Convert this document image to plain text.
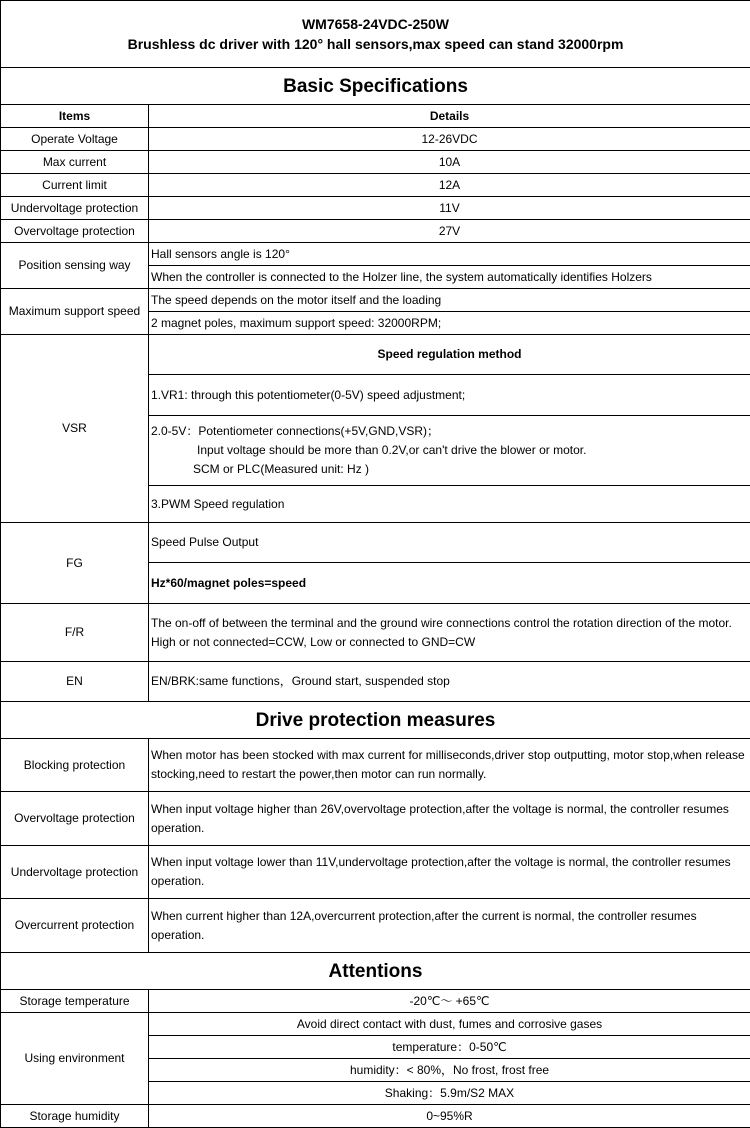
WM7658-24VDC-250W
Brushless dc driver with 120° hall sensors,max speed can stand 32000rpm	

Basic Specifications	
Items	Details
Operate Voltage	12-26VDC
Max current	10A
Current limit	12A
Undervoltage protection	11V
Overvoltage protection	27V
Position sensing way	Hall sensors angle is 120°
	When the controller is connected to the Holzer line, the system automatically identifies Holzers
Maximum support speed	The speed depends on the motor itself and the loading
	2 magnet poles, maximum support speed: 32000RPM;
VSR	Speed regulation method
	1.VR1: through this potentiometer(0-5V) speed adjustment;

	2.0-5V：Potentiometer connections(+5V,GND,VSR)；
Input voltage should be more than 0.2V,or can't drive the blower or motor.
SCM or PLC(Measured unit: Hz )

	3.PWM Speed regulation
FG	Speed Pulse Output
	Hz*60/magnet poles=speed
F/R	The on-off of between the terminal and the ground wire connections control the rotation direction of the motor.
High or not connected=CCW, Low or connected to GND=CW

EN	EN/BRK:same functions，Ground start, suspended stop
Drive protection measures	
Blocking protection	When motor has been stocked with max current for milliseconds,driver stop outputting, motor stop,when release stocking,need to restart the power,then motor can run normally.
Overvoltage protection	When input voltage higher than 26V,overvoltage protection,after the voltage is normal, the controller resumes operation.
Undervoltage protection	When input voltage lower than 11V,undervoltage protection,after the voltage is normal, the controller resumes operation.
Overcurrent protection	When current higher than 12A,overcurrent protection,after the current is normal, the controller resumes operation.
Attentions	
Storage temperature	-20℃～ +65℃
Using environment	Avoid direct contact with dust, fumes and corrosive gases
	temperature：0-50℃
	humidity：< 80%，No frost, frost free
	Shaking：5.9m/S2 MAX
Storage humidity	0~95%R
